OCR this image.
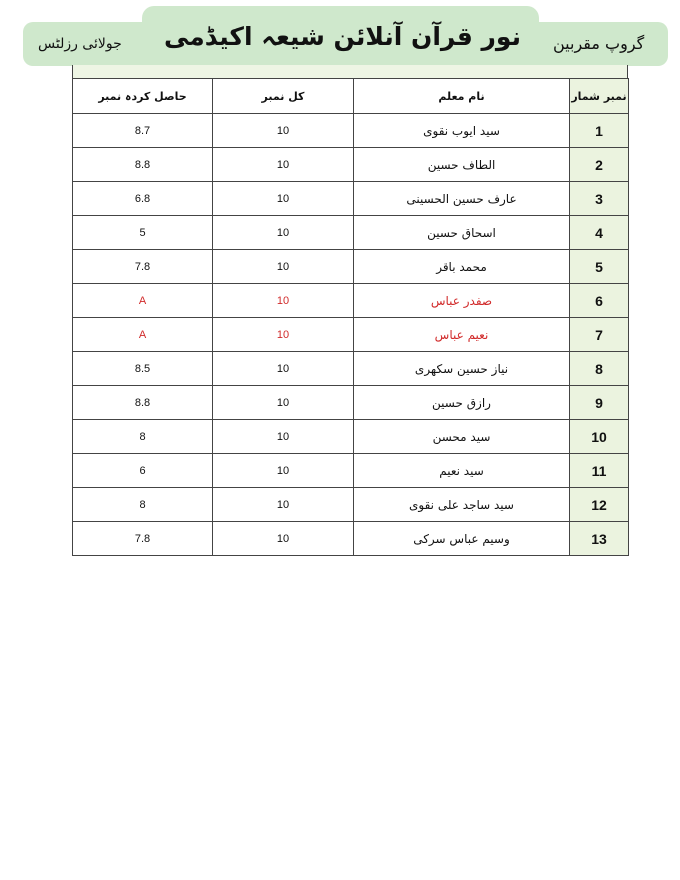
جولائی رزلٹس نور قرآن آنلائن شیعہ اکیڈمی گروپ مقربین
حاصل کردہ نمبر	کل نمبر	نام معلم	نمبر شمار
8.7	10	سید ایوب نقوی	1
8.8	10	الطاف حسین	2
6.8	10	عارف حسین الحسینی	3
5	10	اسحاق حسین	4
7.8	10	محمد باقر	5
A	10	صفدر عباس	6
A	10	نعیم عباس	7
8.5	10	نیاز حسین سکھری	8
8.8	10	رازق حسین	9
8	10	سید محسن	10
6	10	سید نعیم	11
8	10	سید ساجد علی نقوی	12
7.8	10	وسیم عباس سرکی	13
